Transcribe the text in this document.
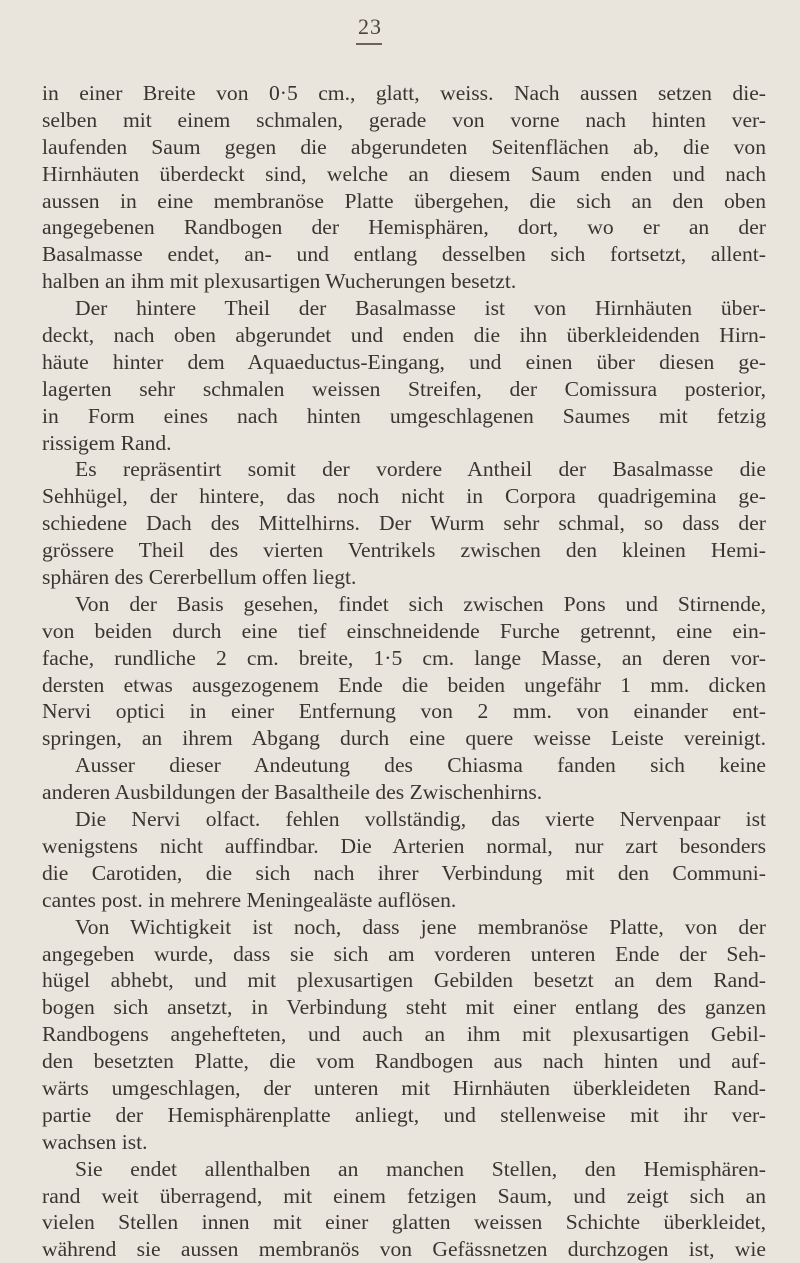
23
in einer Breite von 0·5 cm., glatt, weiss. Nach aussen setzen die-
selben mit einem schmalen, gerade von vorne nach hinten ver-
laufenden Saum gegen die abgerundeten Seitenflächen ab, die von
Hirnhäuten überdeckt sind, welche an diesem Saum enden und nach
aussen in eine membranöse Platte übergehen, die sich an den oben
angegebenen Randbogen der Hemisphären, dort, wo er an der
Basalmasse endet, an- und entlang desselben sich fortsetzt, allent-
halben an ihm mit plexusartigen Wucherungen besetzt.
Der hintere Theil der Basalmasse ist von Hirnhäuten über-
deckt, nach oben abgerundet und enden die ihn überkleidenden Hirn-
häute hinter dem Aquaeductus-Eingang, und einen über diesen ge-
lagerten sehr schmalen weissen Streifen, der Comissura posterior,
in Form eines nach hinten umgeschlagenen Saumes mit fetzig
rissigem Rand.
Es repräsentirt somit der vordere Antheil der Basalmasse die
Sehhügel, der hintere, das noch nicht in Corpora quadrigemina ge-
schiedene Dach des Mittelhirns. Der Wurm sehr schmal, so dass der
grössere Theil des vierten Ventrikels zwischen den kleinen Hemi-
sphären des Cererbellum offen liegt.
Von der Basis gesehen, findet sich zwischen Pons und Stirnende,
von beiden durch eine tief einschneidende Furche getrennt, eine ein-
fache, rundliche 2 cm. breite, 1·5 cm. lange Masse, an deren vor-
dersten etwas ausgezogenem Ende die beiden ungefähr 1 mm. dicken
Nervi optici in einer Entfernung von 2 mm. von einander ent-
springen, an ihrem Abgang durch eine quere weisse Leiste vereinigt.
Ausser dieser Andeutung des Chiasma fanden sich keine
anderen Ausbildungen der Basaltheile des Zwischenhirns.
Die Nervi olfact. fehlen vollständig, das vierte Nervenpaar ist
wenigstens nicht auffindbar. Die Arterien normal, nur zart besonders
die Carotiden, die sich nach ihrer Verbindung mit den Communi-
cantes post. in mehrere Meningealäste auflösen.
Von Wichtigkeit ist noch, dass jene membranöse Platte, von der
angegeben wurde, dass sie sich am vorderen unteren Ende der Seh-
hügel abhebt, und mit plexusartigen Gebilden besetzt an dem Rand-
bogen sich ansetzt, in Verbindung steht mit einer entlang des ganzen
Randbogens angehefteten, und auch an ihm mit plexusartigen Gebil-
den besetzten Platte, die vom Randbogen aus nach hinten und auf-
wärts umgeschlagen, der unteren mit Hirnhäuten überkleideten Rand-
partie der Hemisphärenplatte anliegt, und stellenweise mit ihr ver-
wachsen ist.
Sie endet allenthalben an manchen Stellen, den Hemisphären-
rand weit überragend, mit einem fetzigen Saum, und zeigt sich an
vielen Stellen innen mit einer glatten weissen Schichte überkleidet,
während sie aussen membranös von Gefässnetzen durchzogen ist, wie
